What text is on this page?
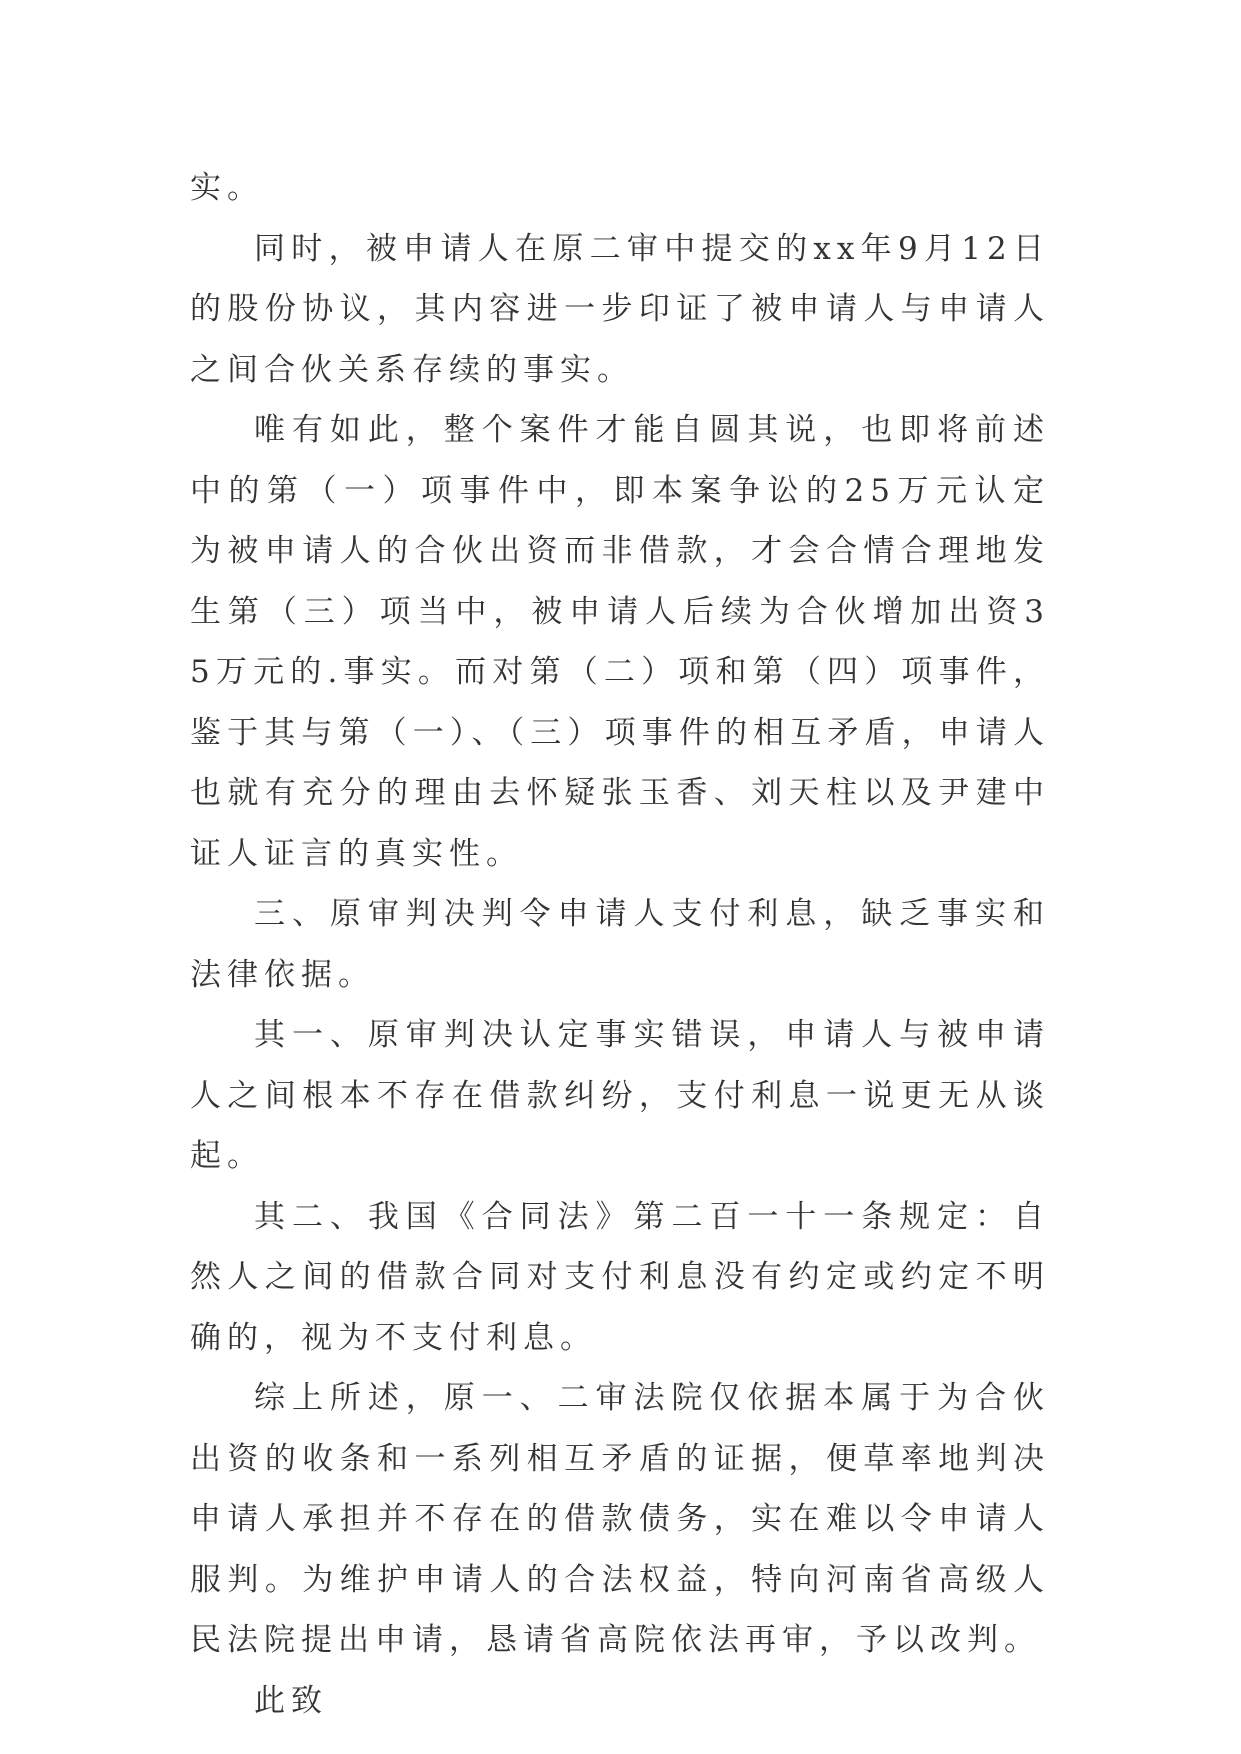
实。

同时，被申请人在原二审中提交的xx年9月12日的股份协议，其内容进一步印证了被申请人与申请人之间合伙关系存续的事实。

唯有如此，整个案件才能自圆其说，也即将前述中的第（一）项事件中，即本案争讼的25万元认定为被申请人的合伙出资而非借款，才会合情合理地发生第（三）项当中，被申请人后续为合伙增加出资35万元的.事实。而对第（二）项和第（四）项事件，鉴于其与第（一）、（三）项事件的相互矛盾，申请人也就有充分的理由去怀疑张玉香、刘天柱以及尹建中证人证言的真实性。

三、原审判决判令申请人支付利息，缺乏事实和法律依据。

其一、原审判决认定事实错误，申请人与被申请人之间根本不存在借款纠纷，支付利息一说更无从谈起。

其二、我国《合同法》第二百一十一条规定：自然人之间的借款合同对支付利息没有约定或约定不明确的，视为不支付利息。

综上所述，原一、二审法院仅依据本属于为合伙出资的收条和一系列相互矛盾的证据，便草率地判决申请人承担并不存在的借款债务，实在难以令申请人服判。为维护申请人的合法权益，特向河南省高级人民法院提出申请，恳请省高院依法再审，予以改判。

此致
